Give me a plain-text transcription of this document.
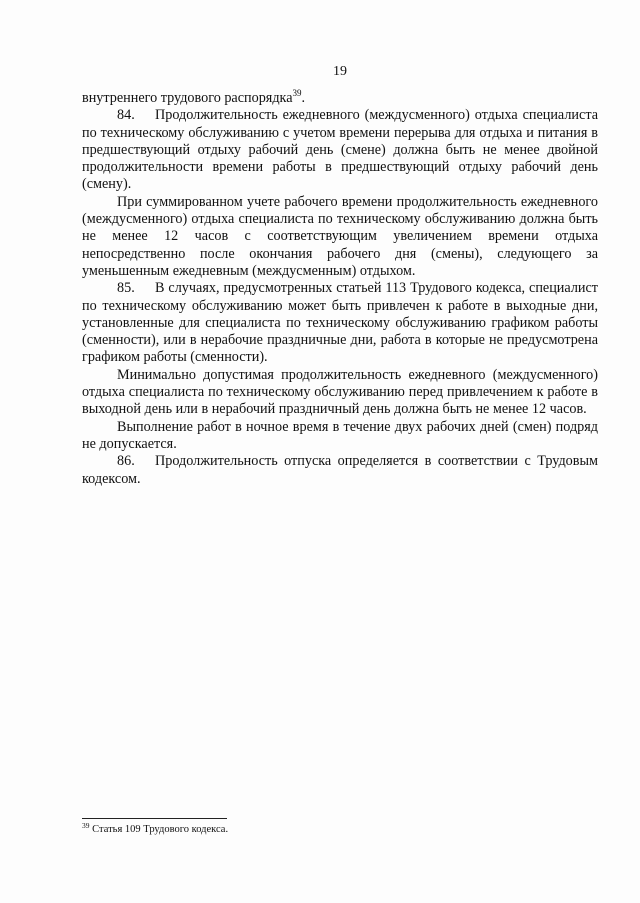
19

внутреннего трудового распорядка$^{39}$.

84. Продолжительность ежедневного (междусменного) отдыха специалиста по техническому обслуживанию с учетом времени перерыва для отдыха и питания в предшествующий отдыху рабочий день (смене) должна быть не менее двойной продолжительности времени работы в предшествующий отдыху рабочий день (смену).

При суммированном учете рабочего времени продолжительность ежедневного (междусменного) отдыха специалиста по техническому обслуживанию должна быть не менее 12 часов с соответствующим увеличением времени отдыха непосредственно после окончания рабочего дня (смены), следующего за уменьшенным ежедневным (междусменным) отдыхом.

85. В случаях, предусмотренных статьей 113 Трудового кодекса, специалист по техническому обслуживанию может быть привлечен к работе в выходные дни, установленные для специалиста по техническому обслуживанию графиком работы (сменности), или в нерабочие праздничные дни, работа в которые не предусмотрена графиком работы (сменности).

Минимально допустимая продолжительность ежедневного (междусменного) отдыха специалиста по техническому обслуживанию перед привлечением к работе в выходной день или в нерабочий праздничный день должна быть не менее 12 часов.

Выполнение работ в ночное время в течение двух рабочих дней (смен) подряд не допускается.

86. Продолжительность отпуска определяется в соответствии с Трудовым кодексом.

$^{39}$ Статья 109 Трудового кодекса.
